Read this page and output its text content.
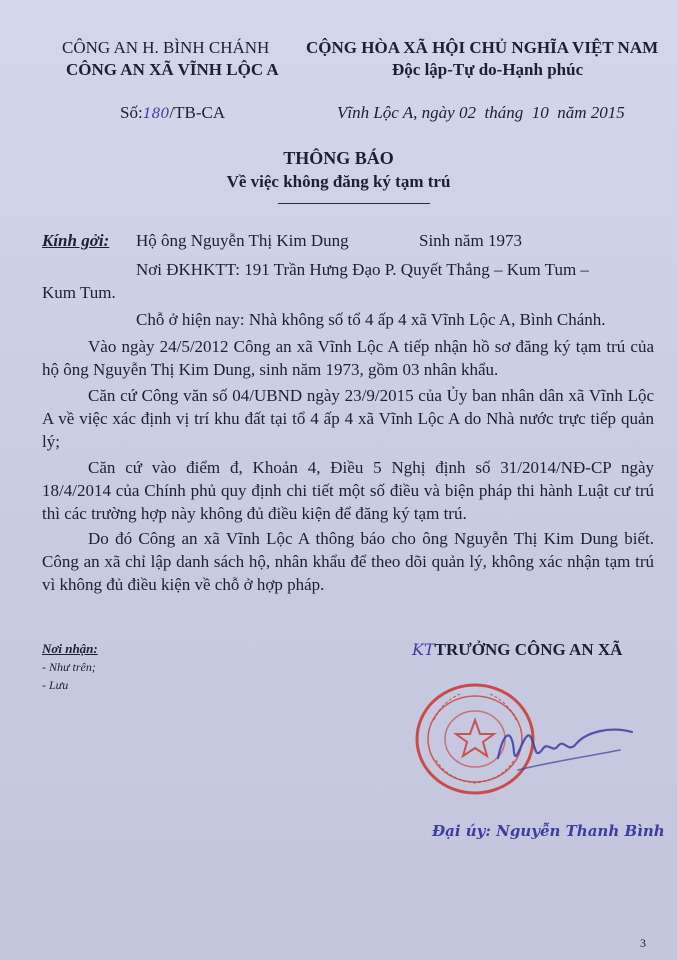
CÔNG AN H. BÌNH CHÁNH
CÔNG AN XÃ VĨNH LỘC A
CỘNG HÒA XÃ HỘI CHỦ NGHĨA VIỆT NAM
Độc lập-Tự do-Hạnh phúc
Số:180/TB-CA	Vĩnh Lộc A, ngày 02 tháng 10 năm 2015
THÔNG BÁO
Về việc không đăng ký tạm trú
Kính gởi: Hộ ông Nguyễn Thị Kim Dung	Sinh năm 1973
Nơi ĐKHKTT: 191 Trần Hưng Đạo P. Quyết Thắng – Kum Tum –
Kum Tum.
Chỗ ở hiện nay: Nhà không số tổ 4 ấp 4 xã Vĩnh Lộc A, Bình Chánh.
Vào ngày 24/5/2012 Công an xã Vĩnh Lộc A tiếp nhận hồ sơ đăng ký tạm trú của hộ ông Nguyễn Thị Kim Dung, sinh năm 1973, gồm 03 nhân khẩu.
Căn cứ Công văn số 04/UBND ngày 23/9/2015 của Ủy ban nhân dân xã Vĩnh Lộc A về việc xác định vị trí khu đất tại tổ 4 ấp 4 xã Vĩnh Lộc A do Nhà nước trực tiếp quản lý;
Căn cứ vào điểm đ, Khoản 4, Điều 5 Nghị định số 31/2014/NĐ-CP ngày 18/4/2014 của Chính phủ quy định chi tiết một số điều và biện pháp thi hành Luật cư trú thì các trường hợp này không đủ điều kiện để đăng ký tạm trú.
Do đó Công an xã Vĩnh Lộc A thông báo cho ông Nguyễn Thị Kim Dung biết. Công an xã chỉ lập danh sách hộ, nhân khẩu để theo dõi quản lý, không xác nhận tạm trú vì không đủ điều kiện về chỗ ở hợp pháp.
Nơi nhận:
- Như trên;
- Lưu
KTTRƯỞNG CÔNG AN XÃ
Đại úy: Nguyễn Thanh Bình
3
